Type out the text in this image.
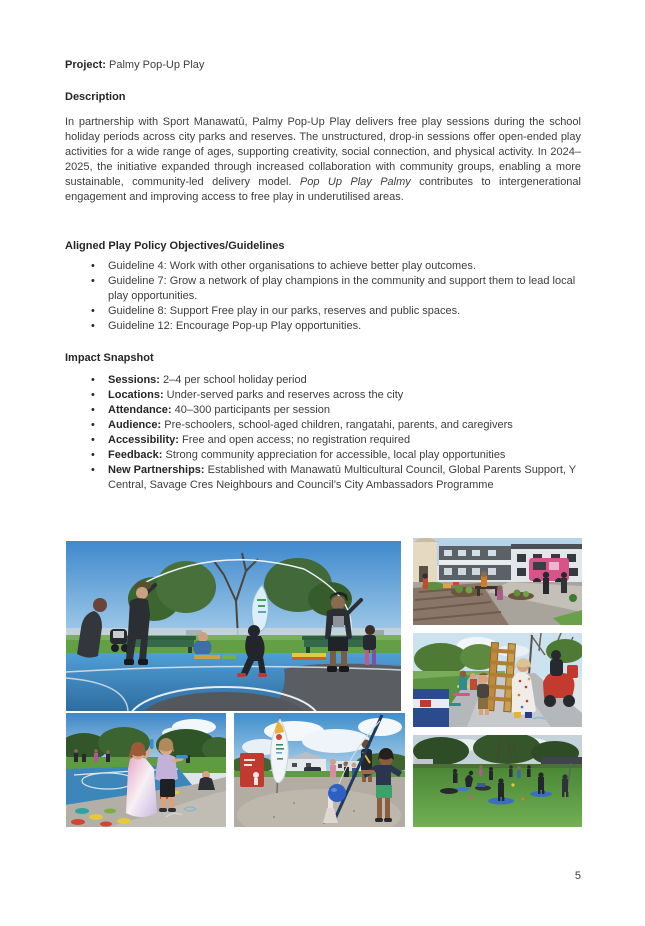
Project: Palmy Pop-Up Play
Description
In partnership with Sport Manawatū, Palmy Pop-Up Play delivers free play sessions during the school holiday periods across city parks and reserves. The unstructured, drop-in sessions offer open-ended play activities for a wide range of ages, supporting creativity, social connection, and physical activity. In 2024–2025, the initiative expanded through increased collaboration with community groups, enabling a more sustainable, community-led delivery model. Pop Up Play Palmy contributes to intergenerational engagement and improving access to free play in underutilised areas.
Aligned Play Policy Objectives/Guidelines
• Guideline 4: Work with other organisations to achieve better play outcomes.
• Guideline 7: Grow a network of play champions in the community and support them to lead local play opportunities.
• Guideline 8: Support Free play in our parks, reserves and public spaces.
• Guideline 12: Encourage Pop-up Play opportunities.
Impact Snapshot
• Sessions: 2–4 per school holiday period
• Locations: Under-served parks and reserves across the city
• Attendance: 40–300 participants per session
• Audience: Pre-schoolers, school-aged children, rangatahi, parents, and caregivers
• Accessibility: Free and open access; no registration required
• Feedback: Strong community appreciation for accessible, local play opportunities
• New Partnerships: Established with Manawatū Multicultural Council, Global Parents Support, Y Central, Savage Cres Neighbours and Council’s City Ambassadors Programme
5
